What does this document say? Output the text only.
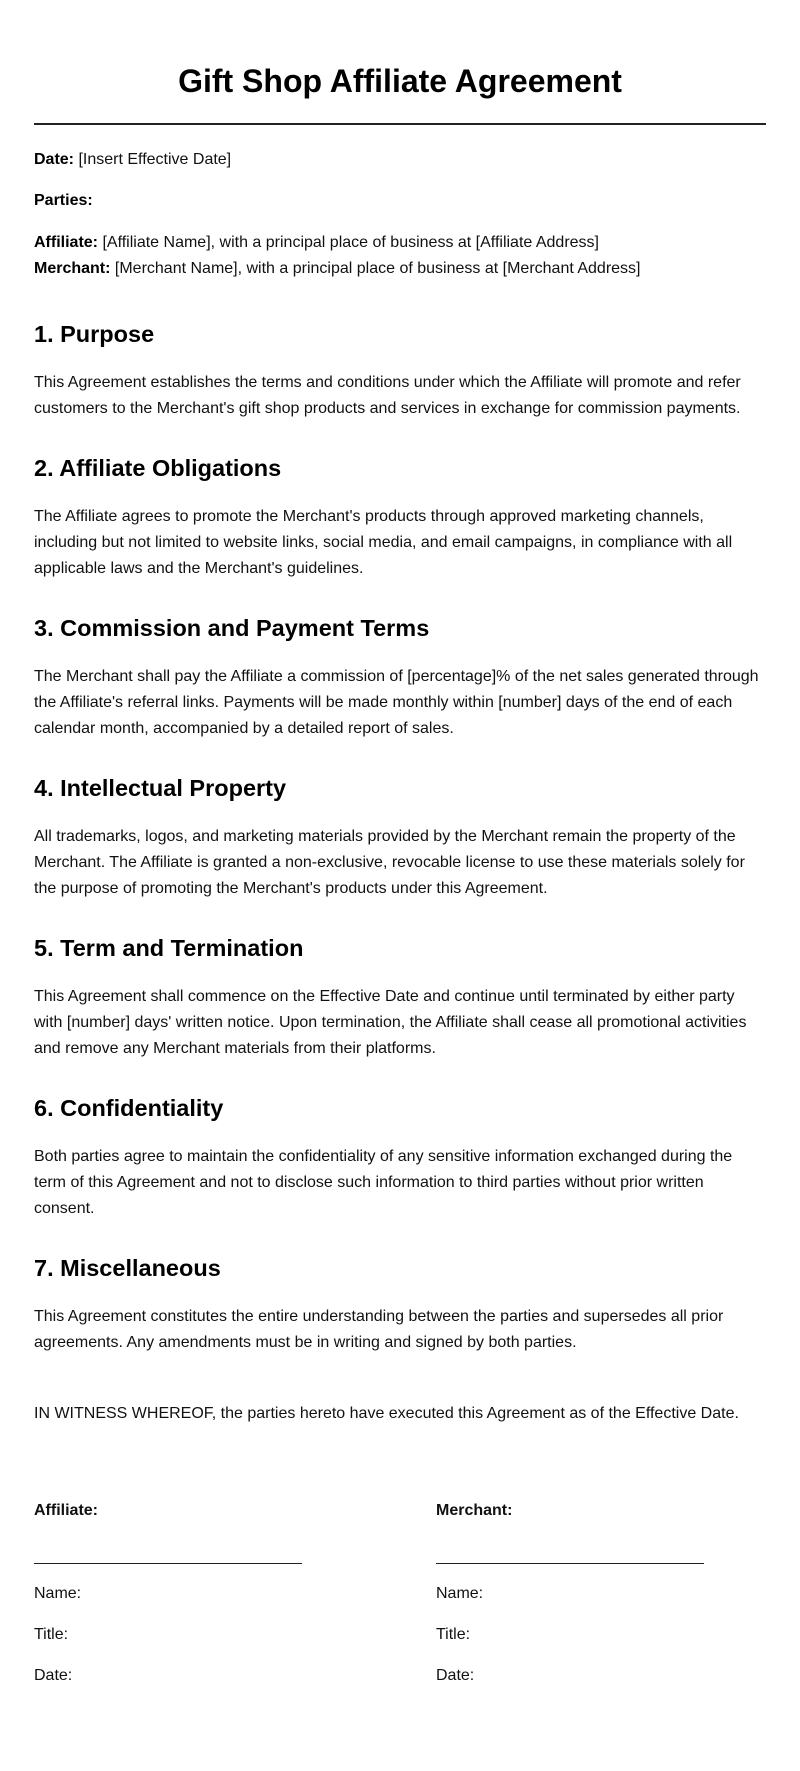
Gift Shop Affiliate Agreement

Date: [Insert Effective Date]

Parties:

Affiliate: [Affiliate Name], with a principal place of business at [Affiliate Address]

Merchant: [Merchant Name], with a principal place of business at [Merchant Address]

1. Purpose

This Agreement establishes the terms and conditions under which the Affiliate will promote and refer customers to the Merchant's gift shop products and services in exchange for commission payments.

2. Affiliate Obligations

The Affiliate agrees to promote the Merchant's products through approved marketing channels, including but not limited to website links, social media, and email campaigns, in compliance with all applicable laws and the Merchant's guidelines.

3. Commission and Payment Terms

The Merchant shall pay the Affiliate a commission of [percentage]% of the net sales generated through the Affiliate's referral links. Payments will be made monthly within [number] days of the end of each calendar month, accompanied by a detailed report of sales.

4. Intellectual Property

All trademarks, logos, and marketing materials provided by the Merchant remain the property of the Merchant. The Affiliate is granted a non-exclusive, revocable license to use these materials solely for the purpose of promoting the Merchant's products under this Agreement.

5. Term and Termination

This Agreement shall commence on the Effective Date and continue until terminated by either party with [number] days' written notice. Upon termination, the Affiliate shall cease all promotional activities and remove any Merchant materials from their platforms.

6. Confidentiality

Both parties agree to maintain the confidentiality of any sensitive information exchanged during the term of this Agreement and not to disclose such information to third parties without prior written consent.

7. Miscellaneous

This Agreement constitutes the entire understanding between the parties and supersedes all prior agreements. Any amendments must be in writing and signed by both parties.

IN WITNESS WHEREOF, the parties hereto have executed this Agreement as of the Effective Date.

Affiliate:

Name:

Title:

Date:

Merchant:

Name:

Title:

Date:
